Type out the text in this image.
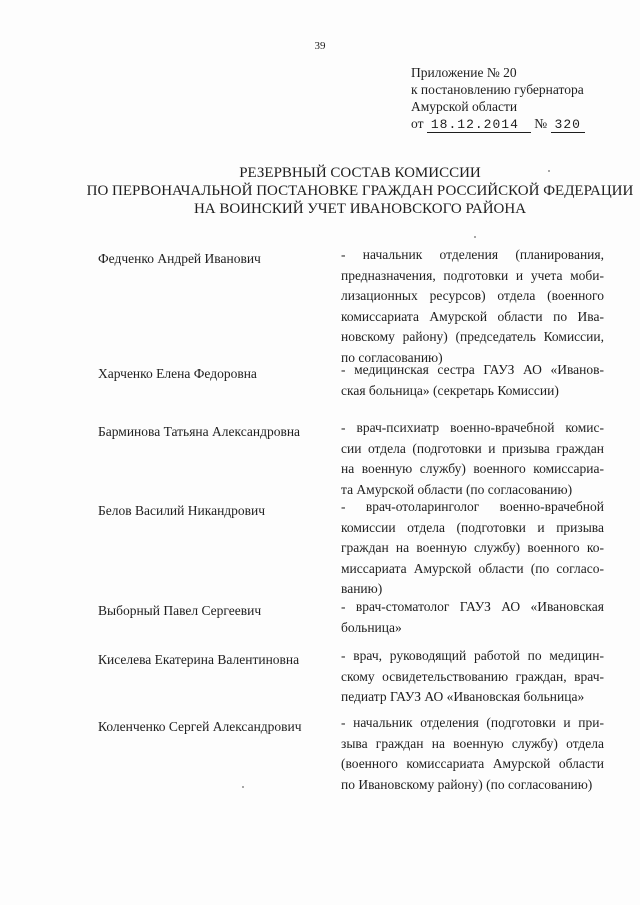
39
Приложение № 20
к постановлению губернатора
Амурской области
от 18.12.2014 № 320
РЕЗЕРВНЫЙ СОСТАВ КОМИССИИ
ПО ПЕРВОНАЧАЛЬНОЙ ПОСТАНОВКЕ ГРАЖДАН РОССИЙСКОЙ ФЕДЕРАЦИИ
НА ВОИНСКИЙ УЧЕТ ИВАНОВСКОГО РАЙОНА
Федченко Андрей Иванович	- начальник отделения (планирования,
предназначения, подготовки и учета моби-
лизационных ресурсов) отдела (военного
комиссариата Амурской области по Ива-
новскому району) (председатель Комиссии,
по согласованию)
Харченко Елена Федоровна	- медицинская сестра ГАУЗ АО «Иванов-
ская больница» (секретарь Комиссии)
Барминова Татьяна Александровна	- врач-психиатр военно-врачебной комис-
сии отдела (подготовки и призыва граждан
на военную службу) военного комиссариа-
та Амурской области (по согласованию)
Белов Василий Никандрович	- врач-отоларинголог военно-врачебной
комиссии отдела (подготовки и призыва
граждан на военную службу) военного ко-
миссариата Амурской области (по согласо-
ванию)
Выборный Павел Сергеевич	- врач-стоматолог ГАУЗ АО «Ивановская
больница»
Киселева Екатерина Валентиновна	- врач, руководящий работой по медицин-
скому освидетельствованию граждан, врач-
педиатр ГАУЗ АО «Ивановская больница»
Коленченко Сергей Александрович	- начальник отделения (подготовки и при-
зыва граждан на военную службу) отдела
(военного комиссариата Амурской области
по Ивановскому району) (по согласованию)
